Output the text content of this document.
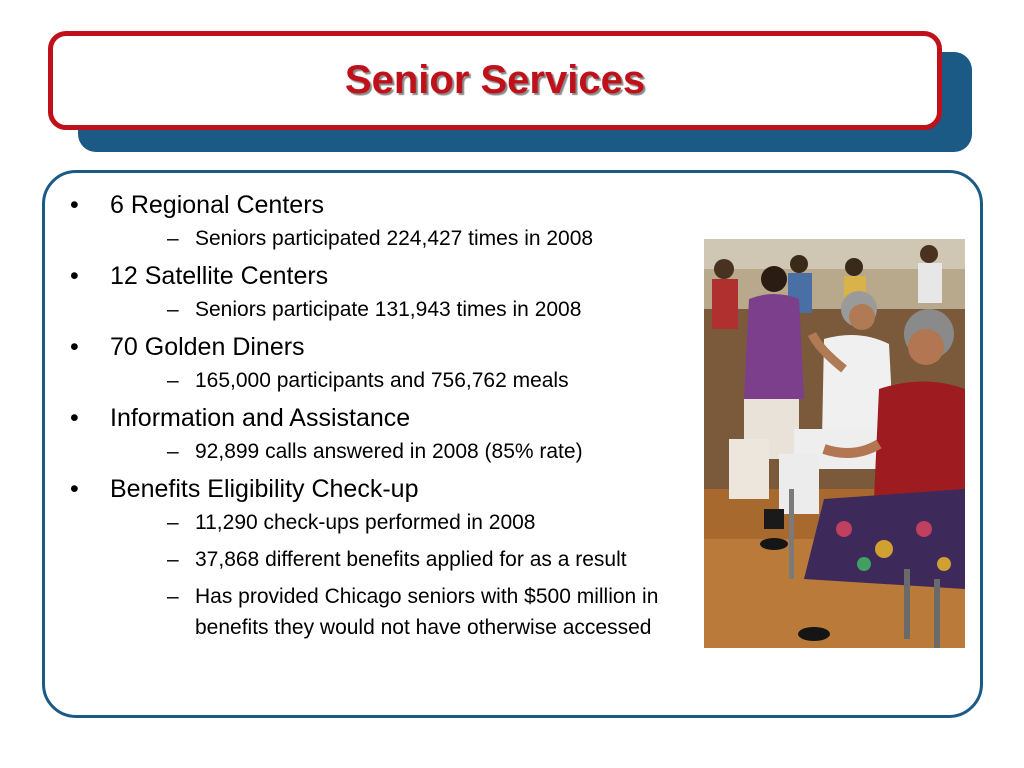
Senior Services
•	6 Regional Centers
– Seniors participated 224,427 times in 2008
•	12 Satellite Centers
– Seniors participate 131,943 times in 2008
•	70 Golden Diners
– 165,000 participants and 756,762 meals
•	Information and Assistance
– 92,899 calls answered in 2008 (85% rate)
•	Benefits Eligibility Check-up
– 11,290 check-ups performed in 2008
– 37,868 different benefits applied for as a result
– Has provided Chicago seniors with $500 million in benefits they would not have otherwise accessed
